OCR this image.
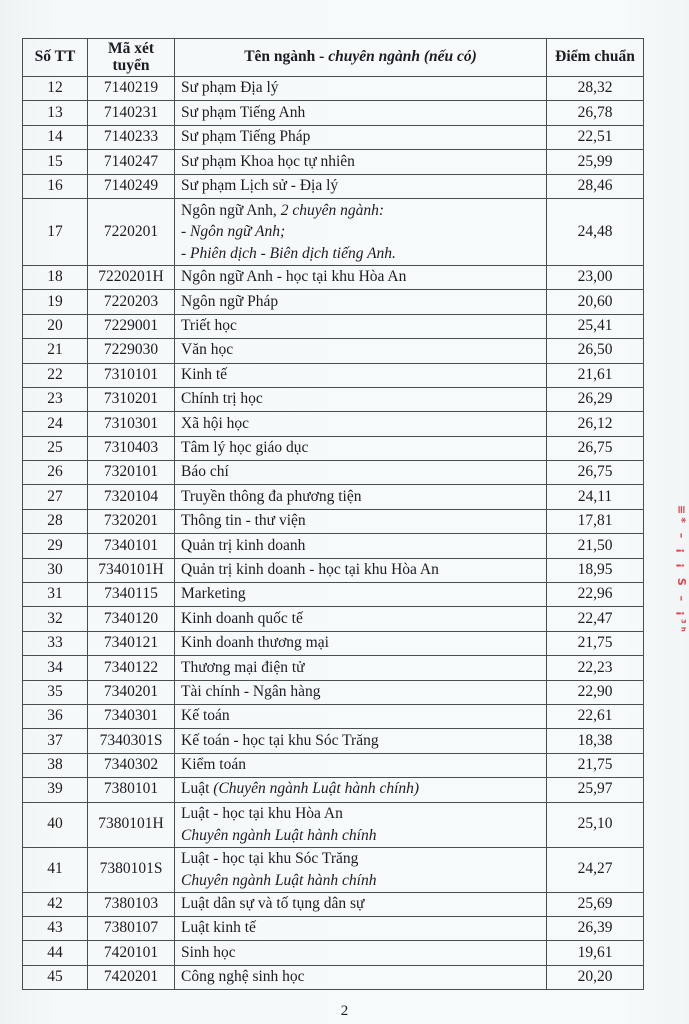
Số TT	Mã xét tuyển	Tên ngành - chuyên ngành (nếu có)	Điểm chuẩn
12	7140219	Sư phạm Địa lý	28,32
13	7140231	Sư phạm Tiếng Anh	26,78
14	7140233	Sư phạm Tiếng Pháp	22,51
15	7140247	Sư phạm Khoa học tự nhiên	25,99
16	7140249	Sư phạm Lịch sử - Địa lý	28,46
17	7220201	Ngôn ngữ Anh, 2 chuyên ngành:
- Ngôn ngữ Anh;
- Phiên dịch - Biên dịch tiếng Anh.	24,48
18	7220201H	Ngôn ngữ Anh - học tại khu Hòa An	23,00
19	7220203	Ngôn ngữ Pháp	20,60
20	7229001	Triết học	25,41
21	7229030	Văn học	26,50
22	7310101	Kinh tế	21,61
23	7310201	Chính trị học	26,29
24	7310301	Xã hội học	26,12
25	7310403	Tâm lý học giáo dục	26,75
26	7320101	Báo chí	26,75
27	7320104	Truyền thông đa phương tiện	24,11
28	7320201	Thông tin - thư viện	17,81
29	7340101	Quản trị kinh doanh	21,50
30	7340101H	Quản trị kinh doanh - học tại khu Hòa An	18,95
31	7340115	Marketing	22,96
32	7340120	Kinh doanh quốc tế	22,47
33	7340121	Kinh doanh thương mại	21,75
34	7340122	Thương mại điện tử	22,23
35	7340201	Tài chính - Ngân hàng	22,90
36	7340301	Kế toán	22,61
37	7340301S	Kế toán - học tại khu Sóc Trăng	18,38
38	7340302	Kiểm toán	21,75
39	7380101	Luật (Chuyên ngành Luật hành chính)	25,97
40	7380101H	Luật - học tại khu Hòa An
Chuyên ngành Luật hành chính	25,10
41	7380101S	Luật - học tại khu Sóc Trăng
Chuyên ngành Luật hành chính	24,27
42	7380103	Luật dân sự và tố tụng dân sự	25,69
43	7380107	Luật kinh tế	26,39
44	7420101	Sinh học	19,61
45	7420201	Công nghệ sinh học	20,20
≡* – ¡ ¡ S – ¡³ʰ
2
